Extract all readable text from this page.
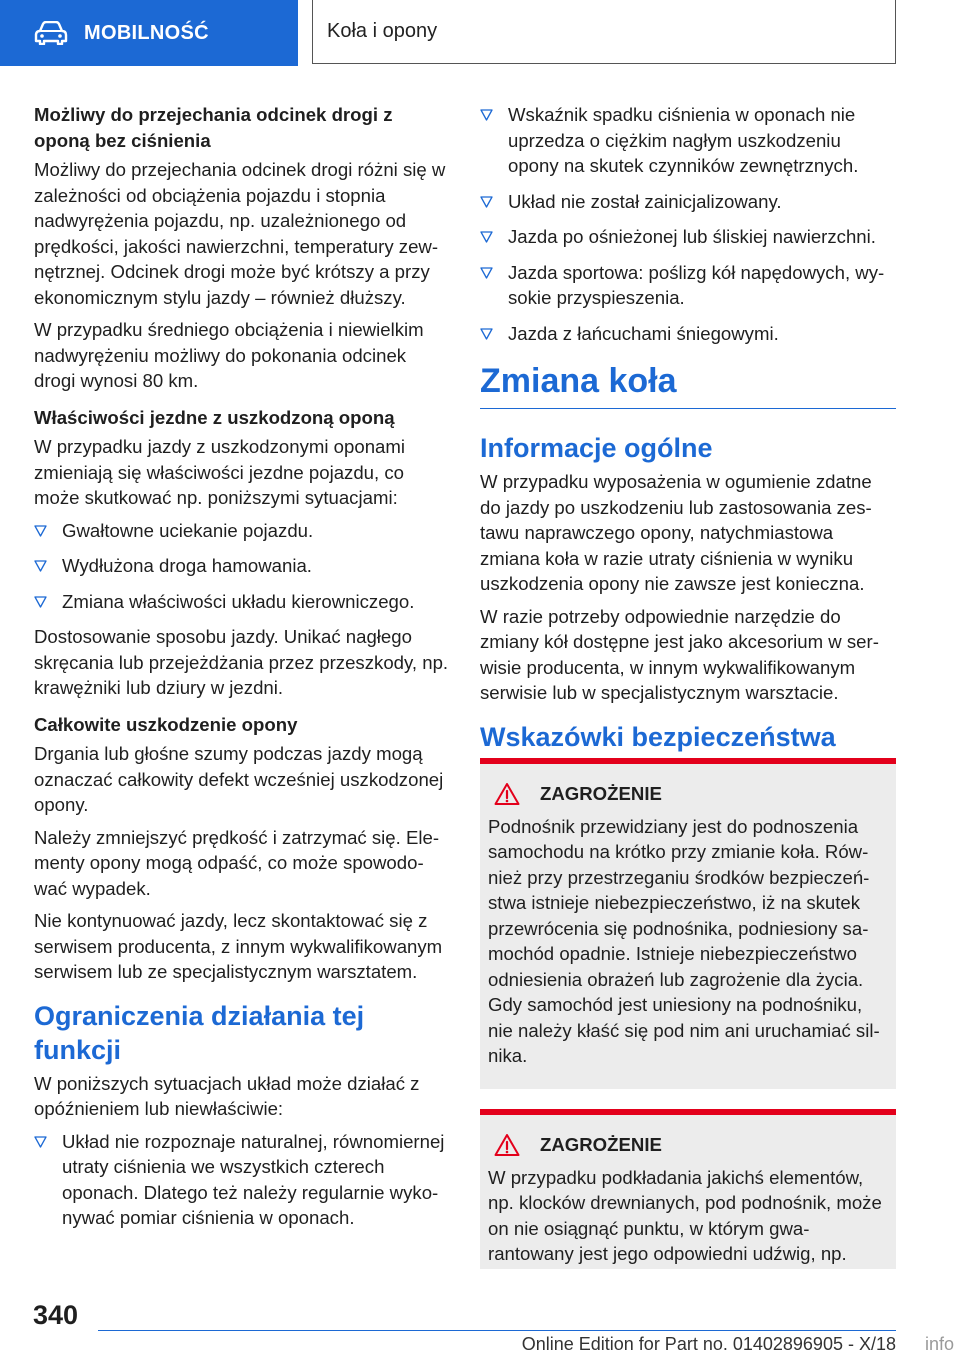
MOBILNOŚĆ	Koła i opony
Możliwy do przejechania odcinek drogi z oponą bez ciśnienia

Możliwy do przejechania odcinek drogi różni się w zależności od obciążenia pojazdu i stopnia nadwyrężenia pojazdu, np. uzależnionego od prędkości, jakości nawierzchni, temperatury zewnętrznej. Odcinek drogi może być krótszy a przy ekonomicznym stylu jazdy – również dłuższy.

W przypadku średniego obciążenia i niewielkim nadwyrężeniu możliwy do pokonania odcinek drogi wynosi 80 km.

Właściwości jezdne z uszkodzoną oponą

W przypadku jazdy z uszkodzonymi oponami zmieniają się właściwości jezdne pojazdu, co może skutkować np. poniższymi sytuacjami:

Gwałtowne uciekanie pojazdu.
Wydłużona droga hamowania.
Zmiana właściwości układu kierowniczego.

Dostosowanie sposobu jazdy. Unikać nagłego skręcania lub przejeżdżania przez przeszkody, np. krawężniki lub dziury w jezdni.

Całkowite uszkodzenie opony

Drgania lub głośne szumy podczas jazdy mogą oznaczać całkowity defekt wcześniej uszkodzonej opony.

Należy zmniejszyć prędkość i zatrzymać się. Elementy opony mogą odpaść, co może spowodować wypadek.

Nie kontynuować jazdy, lecz skontaktować się z serwisem producenta, z innym wykwalifikowanym serwisem lub ze specjalistycznym warsztatem.

Ograniczenia działania tej funkcji

W poniższych sytuacjach układ może działać z opóźnieniem lub niewłaściwie:

Układ nie rozpoznaje naturalnej, równomiernej utraty ciśnienia we wszystkich czterech oponach. Dlatego też należy regularnie wykonywać pomiar ciśnienia w oponach.
Wskaźnik spadku ciśnienia w oponach nie uprzedza o ciężkim nagłym uszkodzeniu opony na skutek czynników zewnętrznych.
Układ nie został zainicjalizowany.
Jazda po ośnieżonej lub śliskiej nawierzchni.
Jazda sportowa: poślizg kół napędowych, wysokie przyspieszenia.
Jazda z łańcuchami śniegowymi.
Zmiana koła
Informacje ogólne

W przypadku wyposażenia w ogumienie zdatne do jazdy po uszkodzeniu lub zastosowania zestawu naprawczego opony, natychmiastowa zmiana koła w razie utraty ciśnienia w wyniku uszkodzenia opony nie zawsze jest konieczna.

W razie potrzeby odpowiednie narzędzie do zmiany kół dostępne jest jako akcesorium w serwisie producenta, w innym wykwalifikowanym serwisie lub w specjalistycznym warsztacie.

Wskazówki bezpieczeństwa
ZAGROŻENIE

Podnośnik przewidziany jest do podnoszenia samochodu na krótko przy zmianie koła. Również przy przestrzeganiu środków bezpieczeństwa istnieje niebezpieczeństwo, iż na skutek przewrócenia się podnośnika, podniesiony samochód opadnie. Istnieje niebezpieczeństwo odniesienia obrażeń lub zagrożenie dla życia. Gdy samochód jest uniesiony na podnośniku, nie należy kłaść się pod nim ani uruchamiać silnika.

ZAGROŻENIE

W przypadku podkładania jakichś elementów, np. klocków drewnianych, pod podnośnik, może on nie osiągnąć punktu, w którym gwarantowany jest jego odpowiedni udźwig, np.

340
Online Edition for Part no. 01402896905 - X/18 info
